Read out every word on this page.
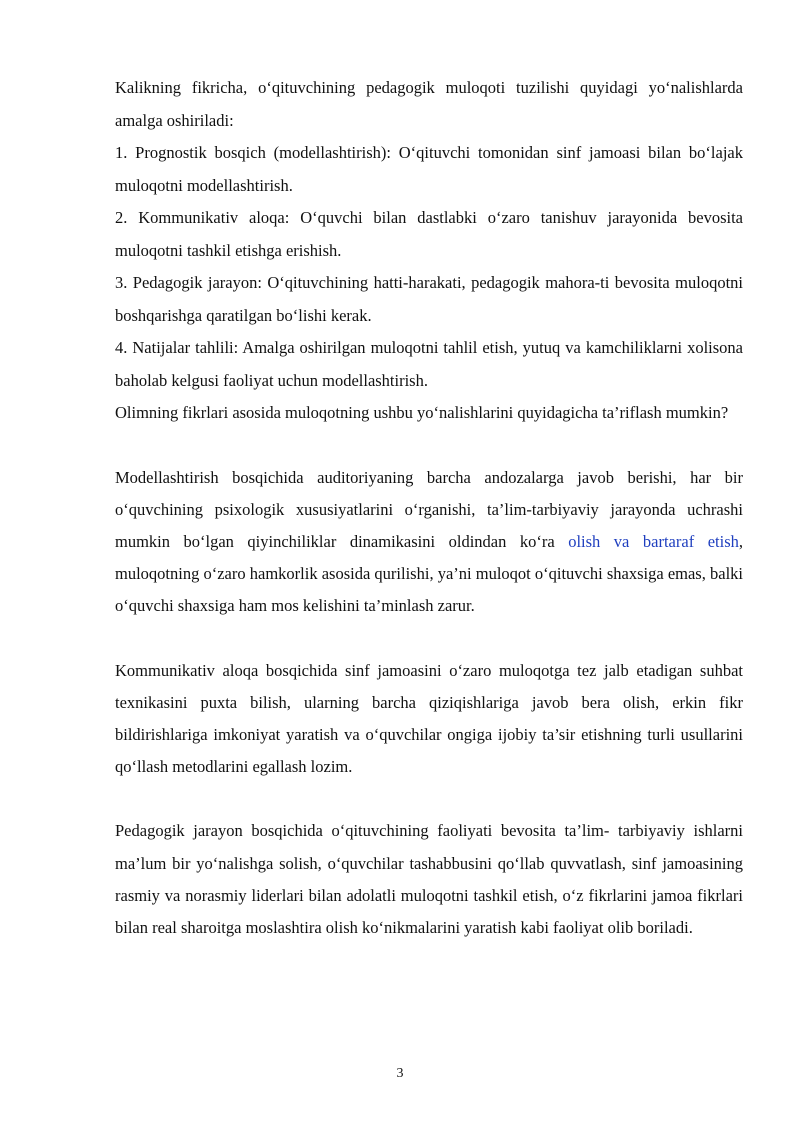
Kalikning fikricha, o‘qituvchining pedagogik muloqoti tuzilishi quyidagi yo‘nalishlarda amalga oshiriladi:

1. Prognostik bosqich (modellashtirish): O‘qituvchi tomonidan sinf jamoasi bilan bo‘lajak muloqotni modellashtirish.

2. Kommunikativ aloqa: O‘quvchi bilan dastlabki o‘zaro tanishuv jarayonida bevosita muloqotni tashkil etishga erishish.

3. Pedagogik jarayon: O‘qituvchining hatti-harakati, pedagogik mahora-ti bevosita muloqotni boshqarishga qaratilgan bo‘lishi kerak.

4. Natijalar tahlili: Amalga oshirilgan muloqotni tahlil etish, yutuq va kamchiliklarni xolisona baholab kelgusi faoliyat uchun modellashtirish.

Olimning fikrlari asosida muloqotning ushbu yo‘nalishlarini quyidagicha ta’riflash mumkin?

Modellashtirish bosqichida auditoriyaning barcha andozalarga javob berishi, har bir o‘quvchining psixologik xususiyatlarini o‘rganishi, ta’lim-tarbiyaviy jarayonda uchrashi mumkin bo‘lgan qiyinchiliklar dinamikasini oldindan ko‘ra olish va bartaraf etish, muloqotning o‘zaro hamkorlik asosida qurilishi, ya’ni muloqot o‘qituvchi shaxsiga emas, balki o‘quvchi shaxsiga ham mos kelishini ta’minlash zarur.

Kommunikativ aloqa bosqichida sinf jamoasini o‘zaro muloqotga tez jalb etadigan suhbat texnikasini puxta bilish, ularning barcha qiziqishlariga javob bera olish, erkin fikr bildirishlariga imkoniyat yaratish va o‘quvchilar ongiga ijobiy ta’sir etishning turli usullarini qo‘llash metodlarini egallash lozim.

Pedagogik jarayon bosqichida o‘qituvchining faoliyati bevosita ta’lim- tarbiyaviy ishlarni ma’lum bir yo‘nalishga solish, o‘quvchilar tashabbusini qo‘llab quvvatlash, sinf jamoasining rasmiy va norasmiy liderlari bilan adolatli muloqotni tashkil etish, o‘z fikrlarini jamoa fikrlari bilan real sharoitga moslashtira olish ko‘nikmalarini yaratish kabi faoliyat olib boriladi.

3
